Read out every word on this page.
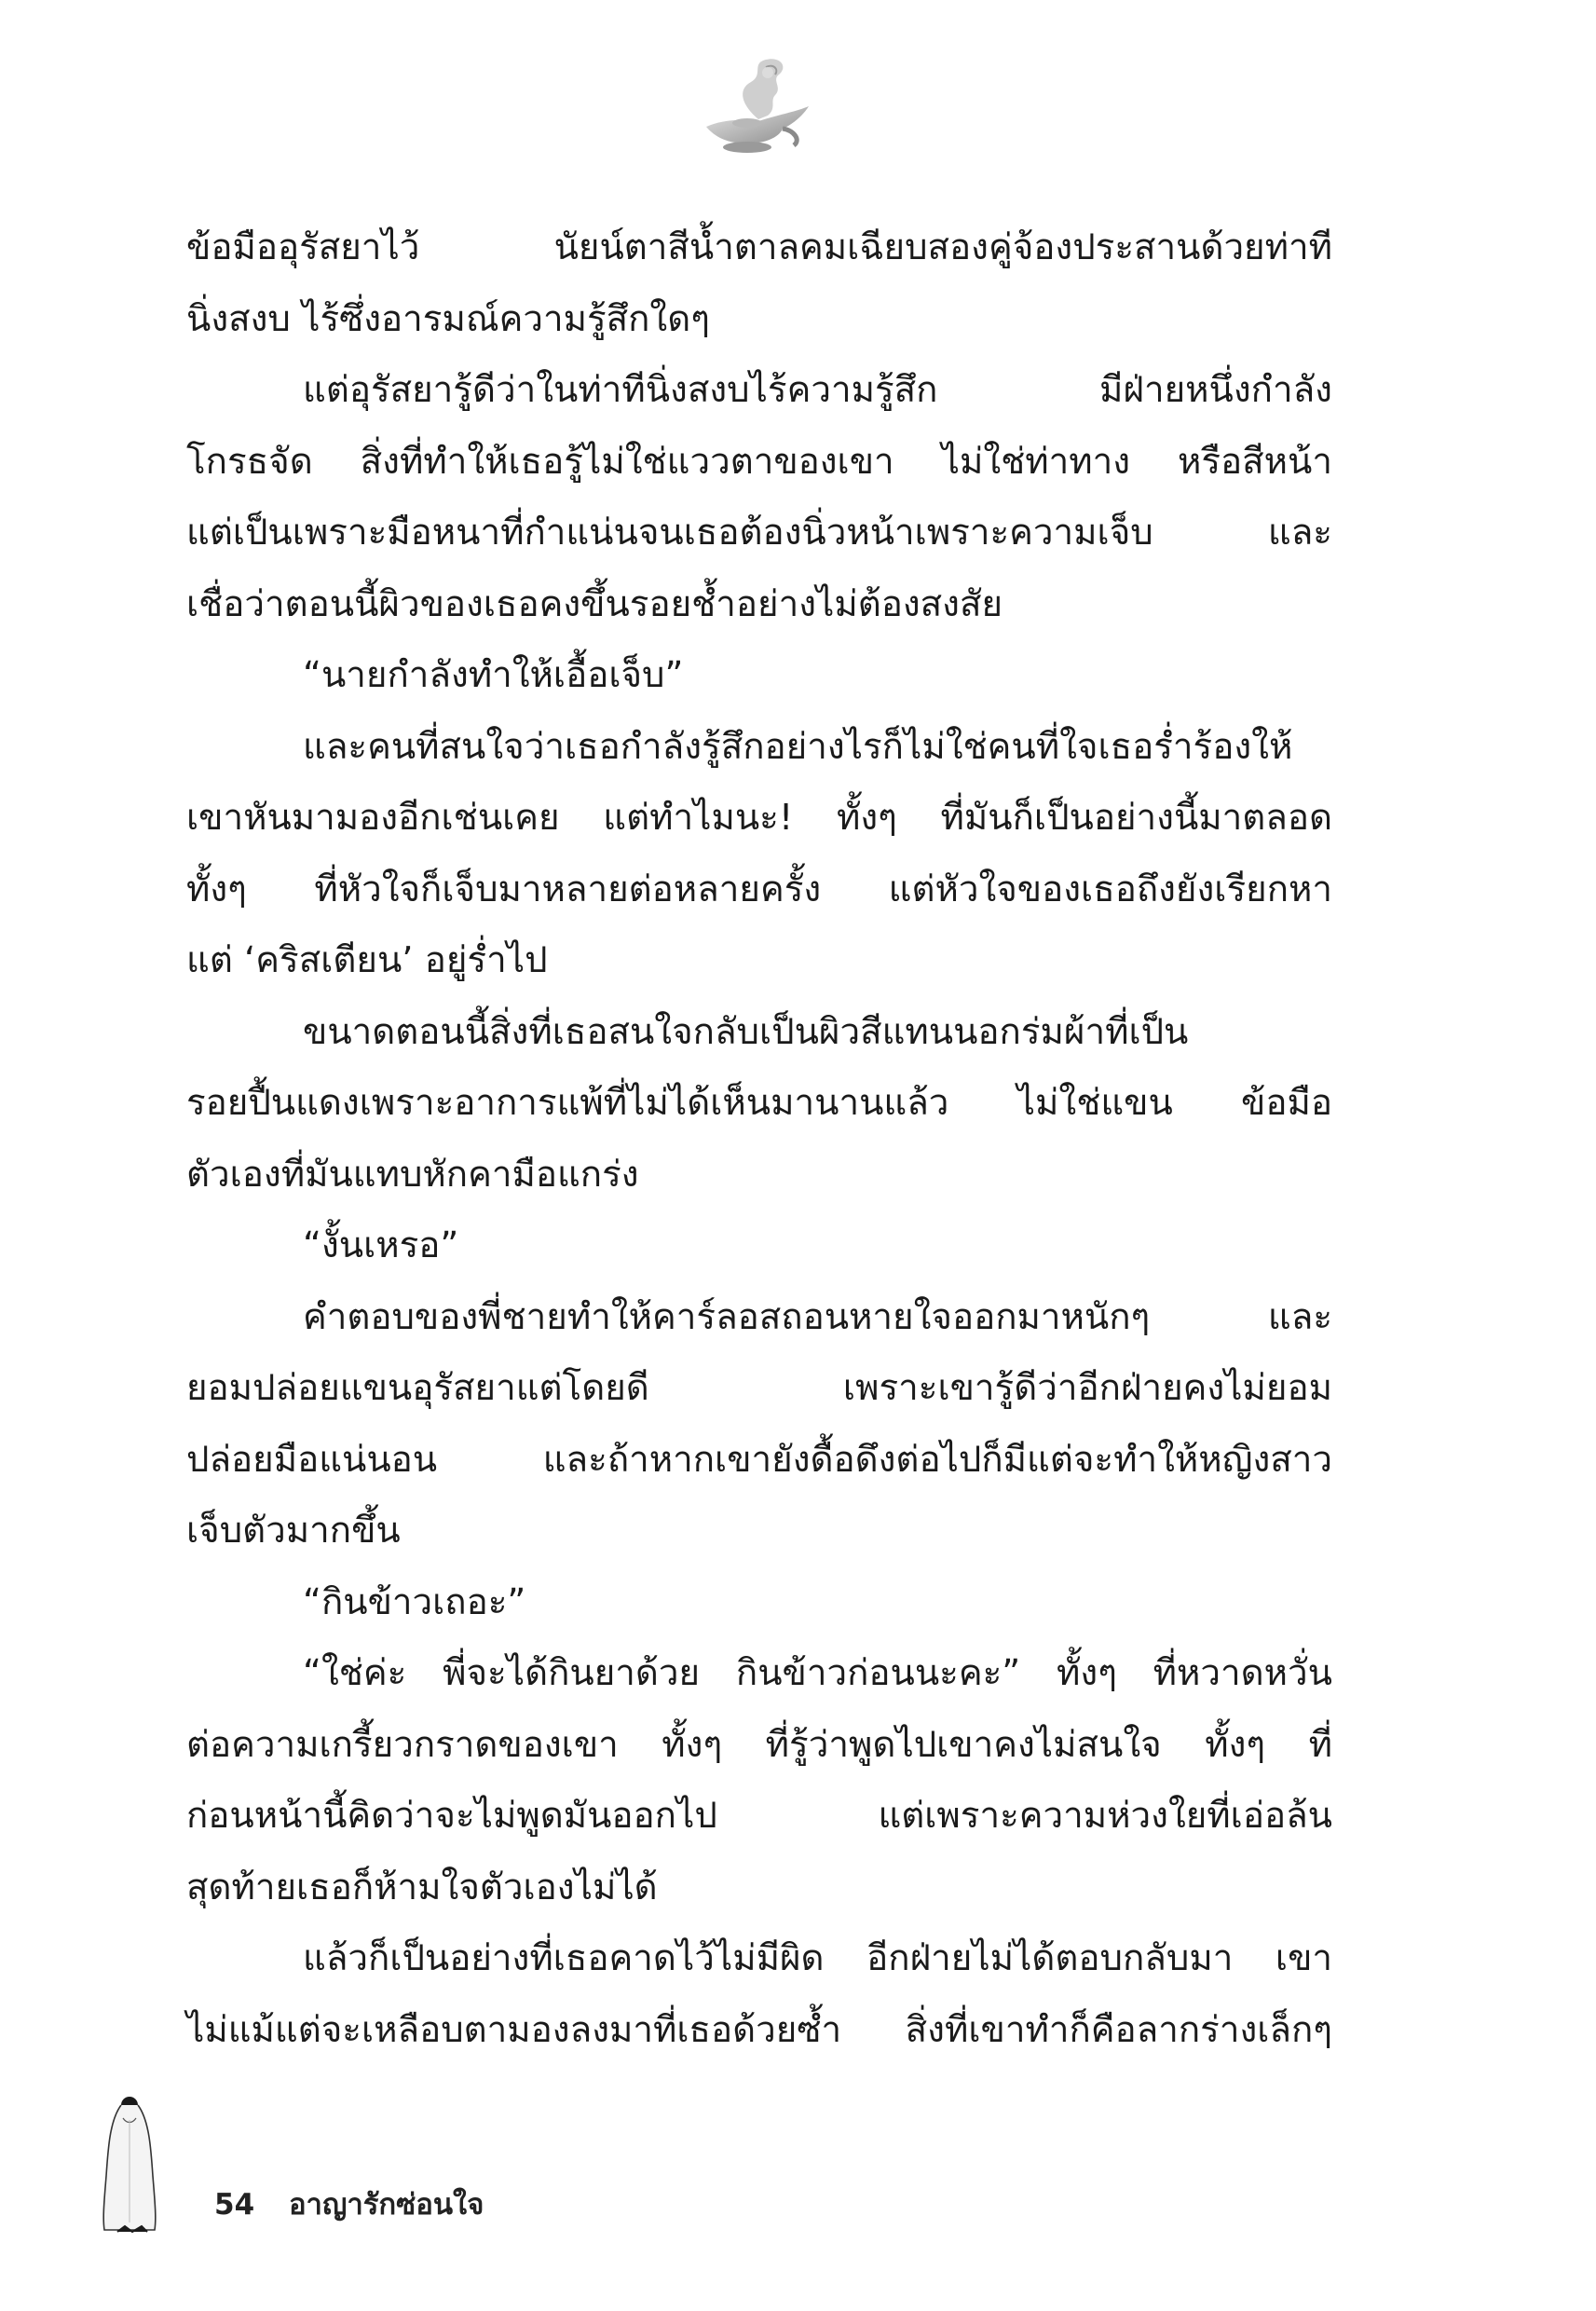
ข้อมืออุรัสยาไว้ นัยน์ตาสีน้ำตาลคมเฉียบสองคู่จ้องประสานด้วยท่าที
นิ่งสงบ ไร้ซึ่งอารมณ์ความรู้สึกใดๆ
แต่อุรัสยารู้ดีว่าในท่าทีนิ่งสงบไร้ความรู้สึก มีฝ่ายหนึ่งกำลัง
โกรธจัด สิ่งที่ทำให้เธอรู้ไม่ใช่แววตาของเขา ไม่ใช่ท่าทาง หรือสีหน้า
แต่เป็นเพราะมือหนาที่กำแน่นจนเธอต้องนิ่วหน้าเพราะความเจ็บ และ
เชื่อว่าตอนนี้ผิวของเธอคงขึ้นรอยช้ำอย่างไม่ต้องสงสัย
“นายกำลังทำให้เอื้อเจ็บ”
และคนที่สนใจว่าเธอกำลังรู้สึกอย่างไรก็ไม่ใช่คนที่ใจเธอร่ำร้องให้
เขาหันมามองอีกเช่นเคย แต่ทำไมนะ! ทั้งๆ ที่มันก็เป็นอย่างนี้มาตลอด
ทั้งๆ ที่หัวใจก็เจ็บมาหลายต่อหลายครั้ง แต่หัวใจของเธอถึงยังเรียกหา
แต่ ‘คริสเตียน’ อยู่ร่ำไป
ขนาดตอนนี้สิ่งที่เธอสนใจกลับเป็นผิวสีแทนนอกร่มผ้าที่เป็น
รอยปื้นแดงเพราะอาการแพ้ที่ไม่ได้เห็นมานานแล้ว ไม่ใช่แขน ข้อมือ
ตัวเองที่มันแทบหักคามือแกร่ง
“งั้นเหรอ”
คำตอบของพี่ชายทำให้คาร์ลอสถอนหายใจออกมาหนักๆ และ
ยอมปล่อยแขนอุรัสยาแต่โดยดี เพราะเขารู้ดีว่าอีกฝ่ายคงไม่ยอม
ปล่อยมือแน่นอน และถ้าหากเขายังดื้อดึงต่อไปก็มีแต่จะทำให้หญิงสาว
เจ็บตัวมากขึ้น
“กินข้าวเถอะ”
“ใช่ค่ะ พี่จะได้กินยาด้วย กินข้าวก่อนนะคะ” ทั้งๆ ที่หวาดหวั่น
ต่อความเกรี้ยวกราดของเขา ทั้งๆ ที่รู้ว่าพูดไปเขาคงไม่สนใจ ทั้งๆ ที่
ก่อนหน้านี้คิดว่าจะไม่พูดมันออกไป แต่เพราะความห่วงใยที่เอ่อล้น
สุดท้ายเธอก็ห้ามใจตัวเองไม่ได้
แล้วก็เป็นอย่างที่เธอคาดไว้ไม่มีผิด อีกฝ่ายไม่ได้ตอบกลับมา เขา
ไม่แม้แต่จะเหลือบตามองลงมาที่เธอด้วยซ้ำ สิ่งที่เขาทำก็คือลากร่างเล็กๆ
54 อาญารักซ่อนใจ
